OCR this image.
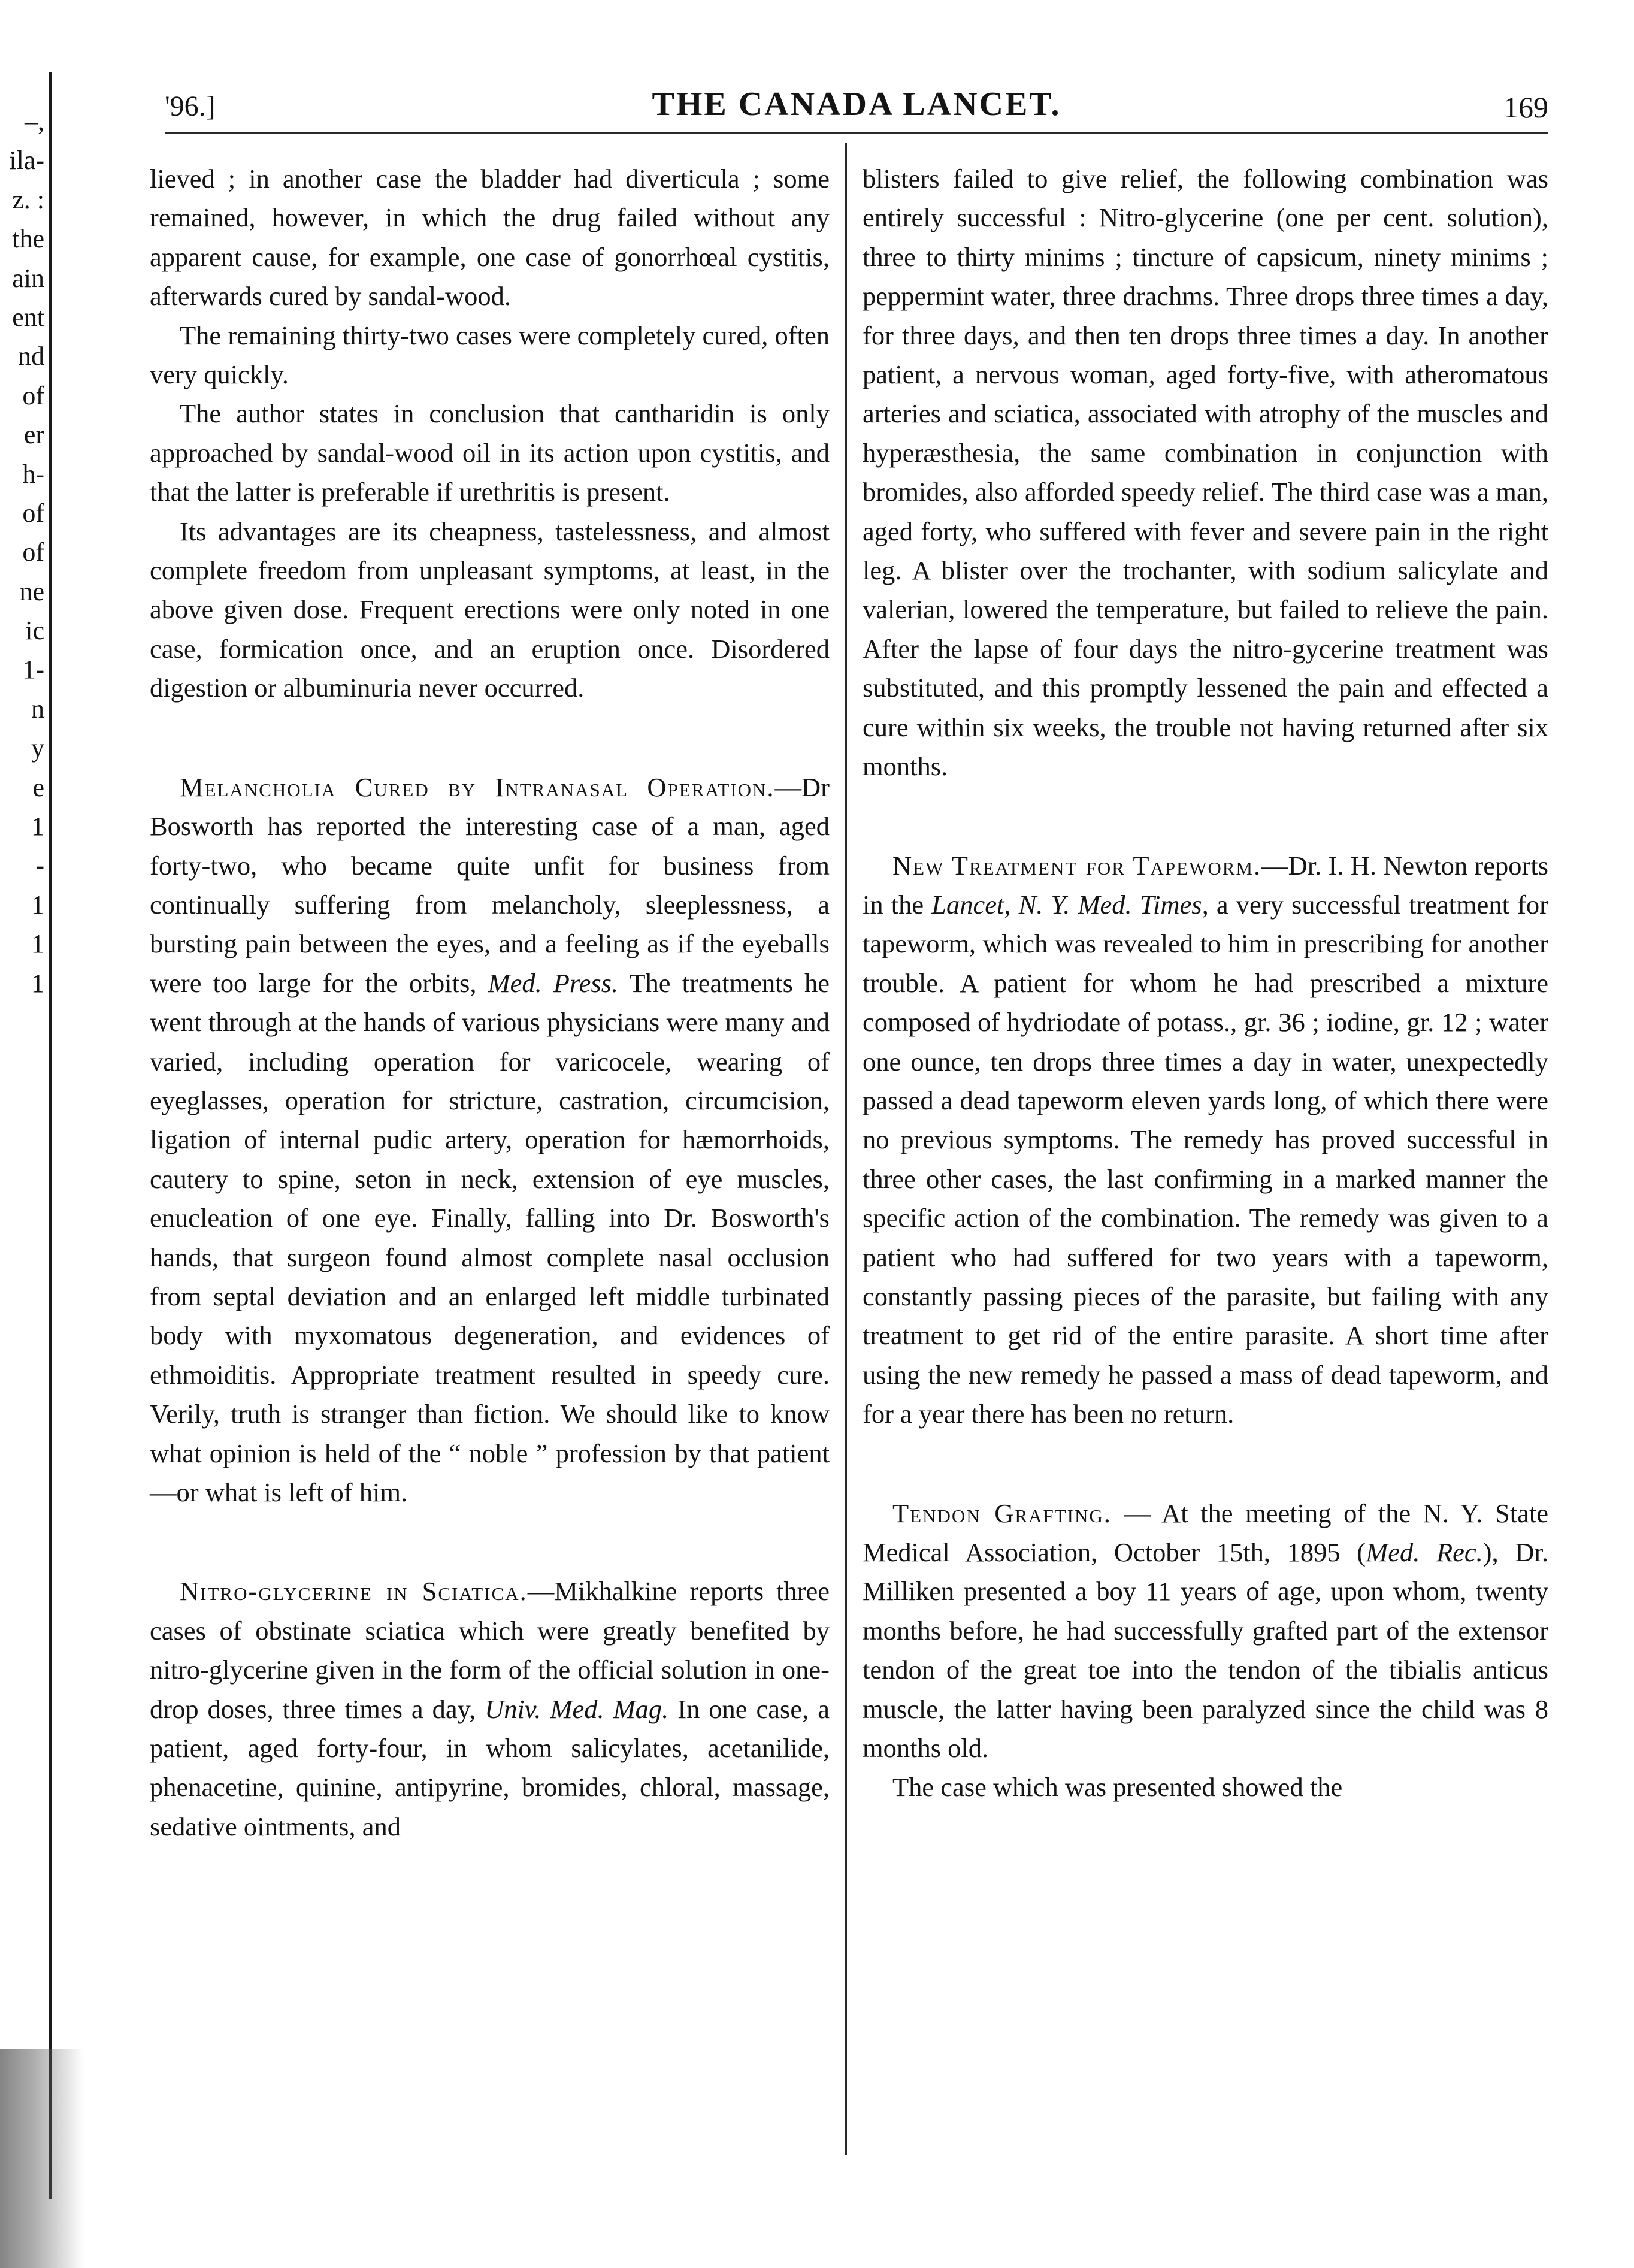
–,
ila-
z. :
the
ain
ent
nd
of
er
h-
of
of
ne
ic
1-
n
y
e
1
-
1
1
1
'96.]	THE CANADA LANCET.	169

lieved ; in another case the bladder had diverticula ; some remained, however, in which the drug failed without any apparent cause, for example, one case of gonorrhœal cystitis, afterwards cured by sandal-wood.

The remaining thirty-two cases were completely cured, often very quickly.

The author states in conclusion that cantharidin is only approached by sandal-wood oil in its action upon cystitis, and that the latter is preferable if urethritis is present.

Its advantages are its cheapness, tastelessness, and almost complete freedom from unpleasant symptoms, at least, in the above given dose. Frequent erections were only noted in one case, formication once, and an eruption once. Disordered digestion or albuminuria never occurred.

Melancholia Cured by Intranasal Operation.—Dr Bosworth has reported the interesting case of a man, aged forty-two, who became quite unfit for business from continually suffering from melancholy, sleeplessness, a bursting pain between the eyes, and a feeling as if the eyeballs were too large for the orbits, Med. Press. The treatments he went through at the hands of various physicians were many and varied, including operation for varicocele, wearing of eyeglasses, operation for stricture, castration, circumcision, ligation of internal pudic artery, operation for hæmorrhoids, cautery to spine, seton in neck, extension of eye muscles, enucleation of one eye. Finally, falling into Dr. Bosworth's hands, that surgeon found almost complete nasal occlusion from septal deviation and an enlarged left middle turbinated body with myxomatous degeneration, and evidences of ethmoiditis. Appropriate treatment resulted in speedy cure. Verily, truth is stranger than fiction. We should like to know what opinion is held of the “ noble ” profession by that patient—or what is left of him.

Nitro-glycerine in Sciatica.—Mikhalkine reports three cases of obstinate sciatica which were greatly benefited by nitro-glycerine given in the form of the official solution in one-drop doses, three times a day, Univ. Med. Mag. In one case, a patient, aged forty-four, in whom salicylates, acetanilide, phenacetine, quinine, antipyrine, bromides, chloral, massage, sedative ointments, and

blisters failed to give relief, the following combination was entirely successful : Nitro-glycerine (one per cent. solution), three to thirty minims ; tincture of capsicum, ninety minims ; peppermint water, three drachms. Three drops three times a day, for three days, and then ten drops three times a day. In another patient, a nervous woman, aged forty-five, with atheromatous arteries and sciatica, associated with atrophy of the muscles and hyperæsthesia, the same combination in conjunction with bromides, also afforded speedy relief. The third case was a man, aged forty, who suffered with fever and severe pain in the right leg. A blister over the trochanter, with sodium salicylate and valerian, lowered the temperature, but failed to relieve the pain. After the lapse of four days the nitro-gycerine treatment was substituted, and this promptly lessened the pain and effected a cure within six weeks, the trouble not having returned after six months.

New Treatment for Tapeworm.—Dr. I. H. Newton reports in the Lancet, N. Y. Med. Times, a very successful treatment for tapeworm, which was revealed to him in prescribing for another trouble. A patient for whom he had prescribed a mixture composed of hydriodate of potass., gr. 36 ; iodine, gr. 12 ; water one ounce, ten drops three times a day in water, unexpectedly passed a dead tapeworm eleven yards long, of which there were no previous symptoms. The remedy has proved successful in three other cases, the last confirming in a marked manner the specific action of the combination. The remedy was given to a patient who had suffered for two years with a tapeworm, constantly passing pieces of the parasite, but failing with any treatment to get rid of the entire parasite. A short time after using the new remedy he passed a mass of dead tapeworm, and for a year there has been no return.

Tendon Grafting. — At the meeting of the N. Y. State Medical Association, October 15th, 1895 (Med. Rec.), Dr. Milliken presented a boy 11 years of age, upon whom, twenty months before, he had successfully grafted part of the extensor tendon of the great toe into the tendon of the tibialis anticus muscle, the latter having been paralyzed since the child was 8 months old.

The case which was presented showed the
